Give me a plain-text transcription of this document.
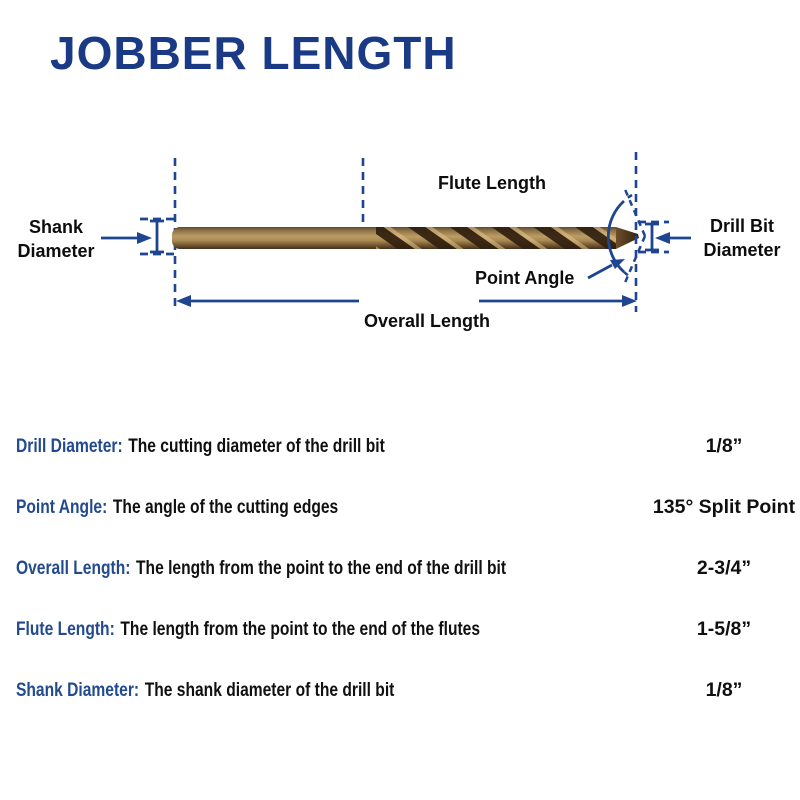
JOBBER LENGTH
Shank
Diameter
Flute Length
Point Angle
Overall Length
Drill Bit
Diameter
Drill Diameter: The cutting diameter of the drill bit	1/8”
Point Angle: The angle of the cutting edges	135° Split Point
Overall Length: The length from the point to the end of the drill bit	2-3/4”
Flute Length: The length from the point to the end of the flutes	1-5/8”
Shank Diameter: The shank diameter of the drill bit	1/8”
